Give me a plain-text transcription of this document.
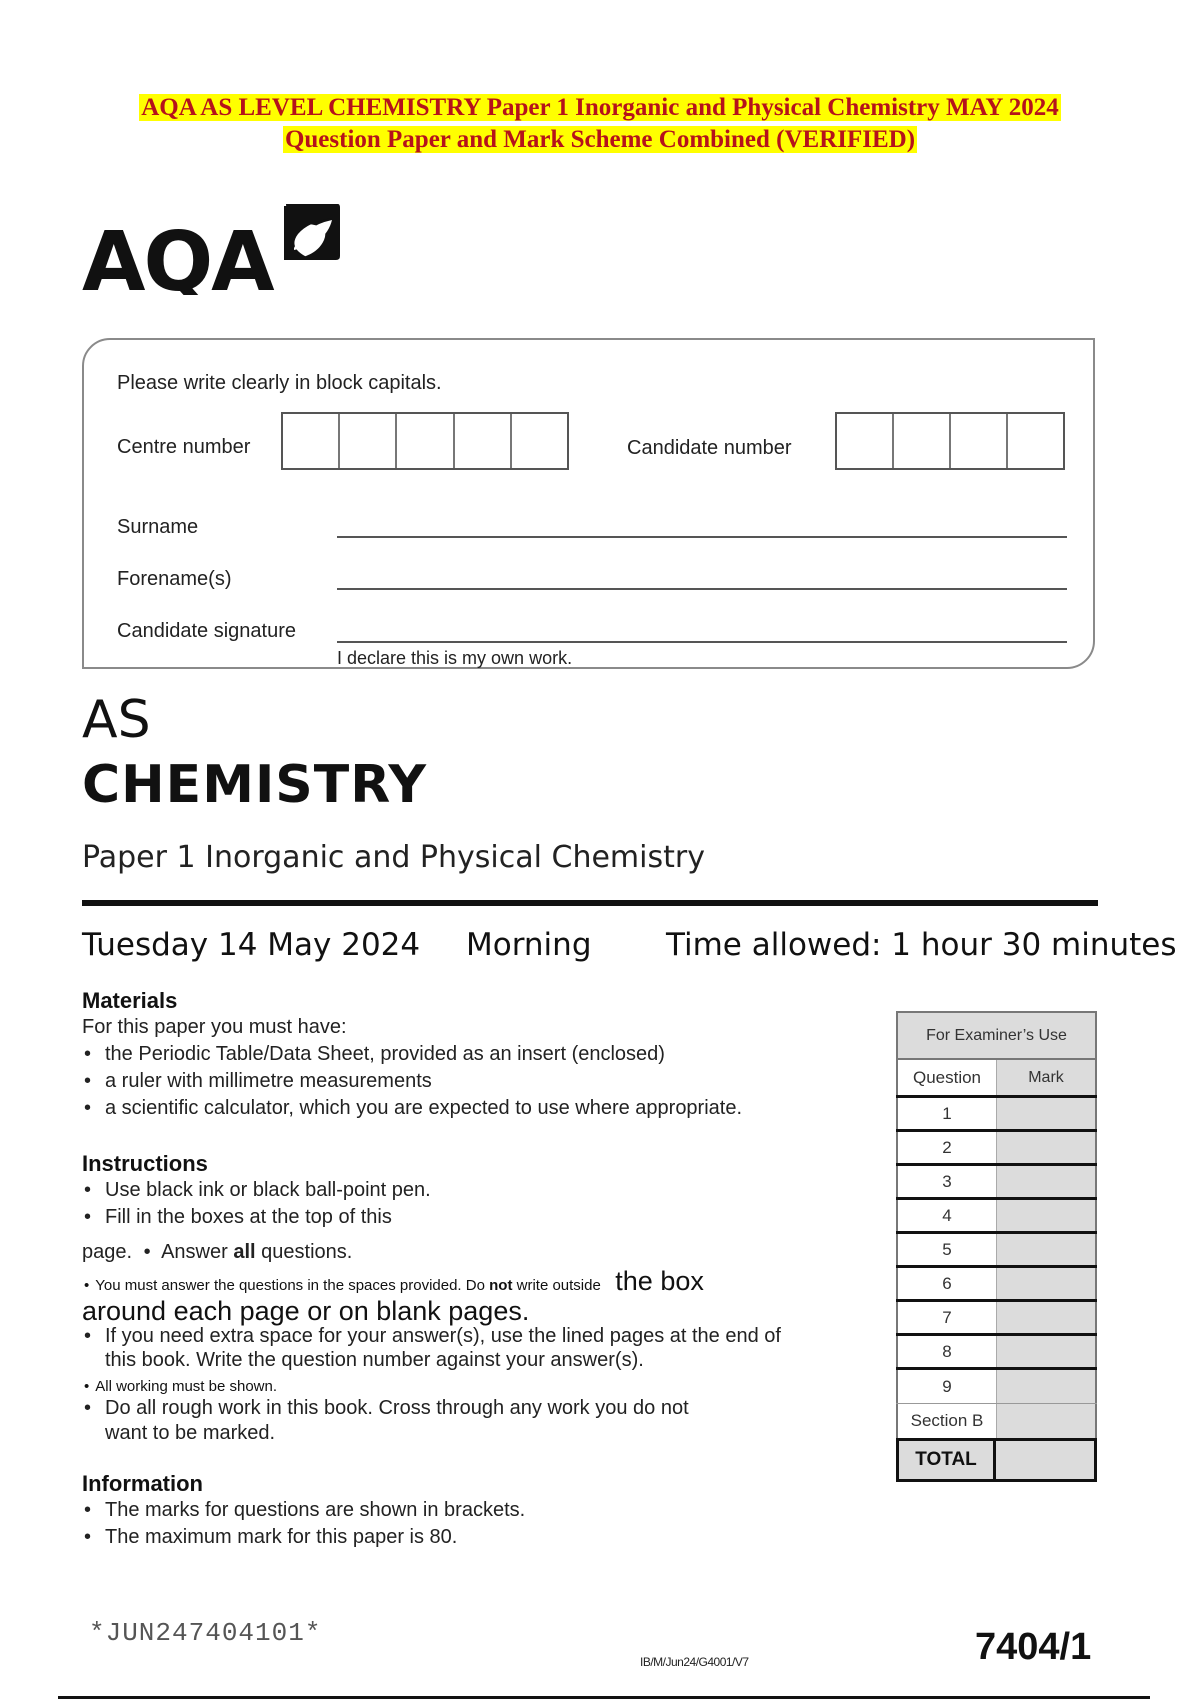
AQA AS LEVEL CHEMISTRY Paper 1 Inorganic and Physical Chemistry MAY 2024
Question Paper and Mark Scheme Combined (VERIFIED)
AQA
Please write clearly in block capitals.
Centre number	Candidate number
Surname
Forename(s)
Candidate signature
I declare this is my own work.
AS
CHEMISTRY
Paper 1 Inorganic and Physical Chemistry
Tuesday 14 May 2024 Morning Time allowed: 1 hour 30 minutes
Materials
For this paper you must have:
• the Periodic Table/Data Sheet, provided as an insert (enclosed)
• a ruler with millimetre measurements
• a scientific calculator, which you are expected to use where appropriate.
Instructions
• Use black ink or black ball-point pen.
• Fill in the boxes at the top of this
page. • Answer all questions.
• You must answer the questions in the spaces provided. Do not write outside the box
around each page or on blank pages.
• If you need extra space for your answer(s), use the lined pages at the end of
this book. Write the question number against your answer(s).
• All working must be shown.
• Do all rough work in this book. Cross through any work you do not
want to be marked.
Information
• The marks for questions are shown in brackets.
• The maximum mark for this paper is 80.
For Examiner’s Use
Question	Mark
1
2
3
4
5
6
7
8
9
Section B
TOTAL
*JUN247404101*
IB/M/Jun24/G4001/V7	7404/1
